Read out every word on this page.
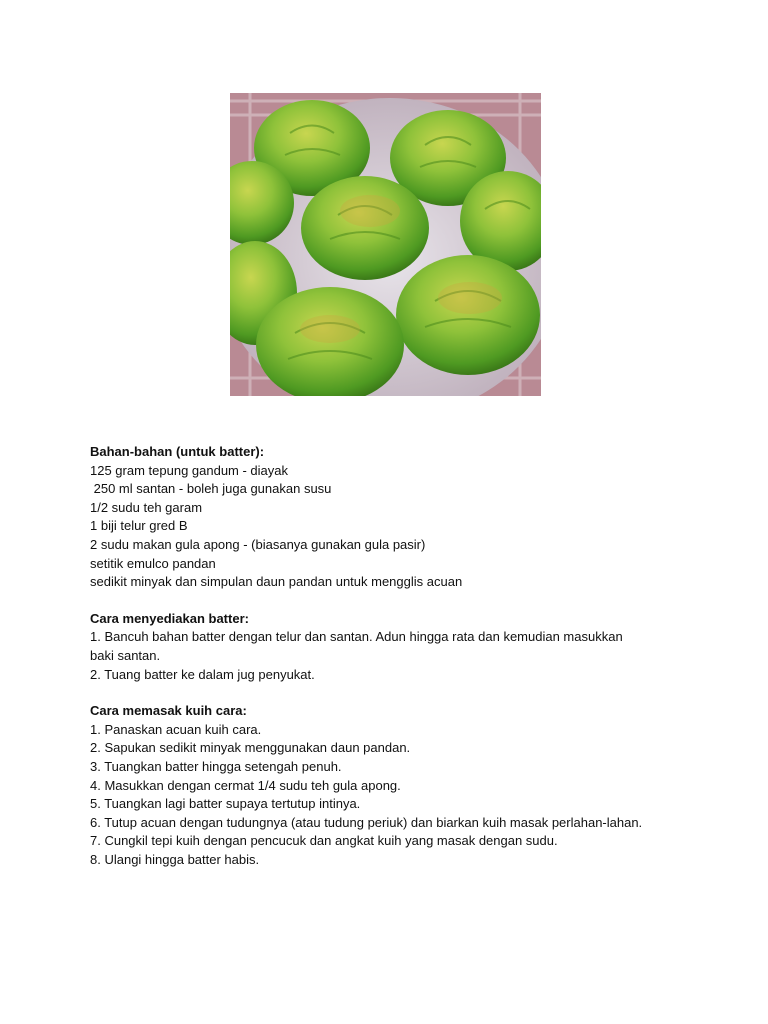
Bahan-bahan (untuk batter):

125 gram tepung gandum - diayak

250 ml santan - boleh juga gunakan susu

1/2 sudu teh garam

1 biji telur gred B

2 sudu makan gula apong - (biasanya gunakan gula pasir)

setitik emulco pandan

sedikit minyak dan simpulan daun pandan untuk mengglis acuan

Cara menyediakan batter:

1. Bancuh bahan batter dengan telur dan santan. Adun hingga rata dan kemudian masukkan

baki santan.

2. Tuang batter ke dalam jug penyukat.

Cara memasak kuih cara:

1. Panaskan acuan kuih cara.

2. Sapukan sedikit minyak menggunakan daun pandan.

3. Tuangkan batter hingga setengah penuh.

4. Masukkan dengan cermat 1/4 sudu teh gula apong.

5. Tuangkan lagi batter supaya tertutup intinya.

6. Tutup acuan dengan tudungnya (atau tudung periuk) dan biarkan kuih masak perlahan-lahan.

7. Cungkil tepi kuih dengan pencucuk dan angkat kuih yang masak dengan sudu.

8. Ulangi hingga batter habis.
